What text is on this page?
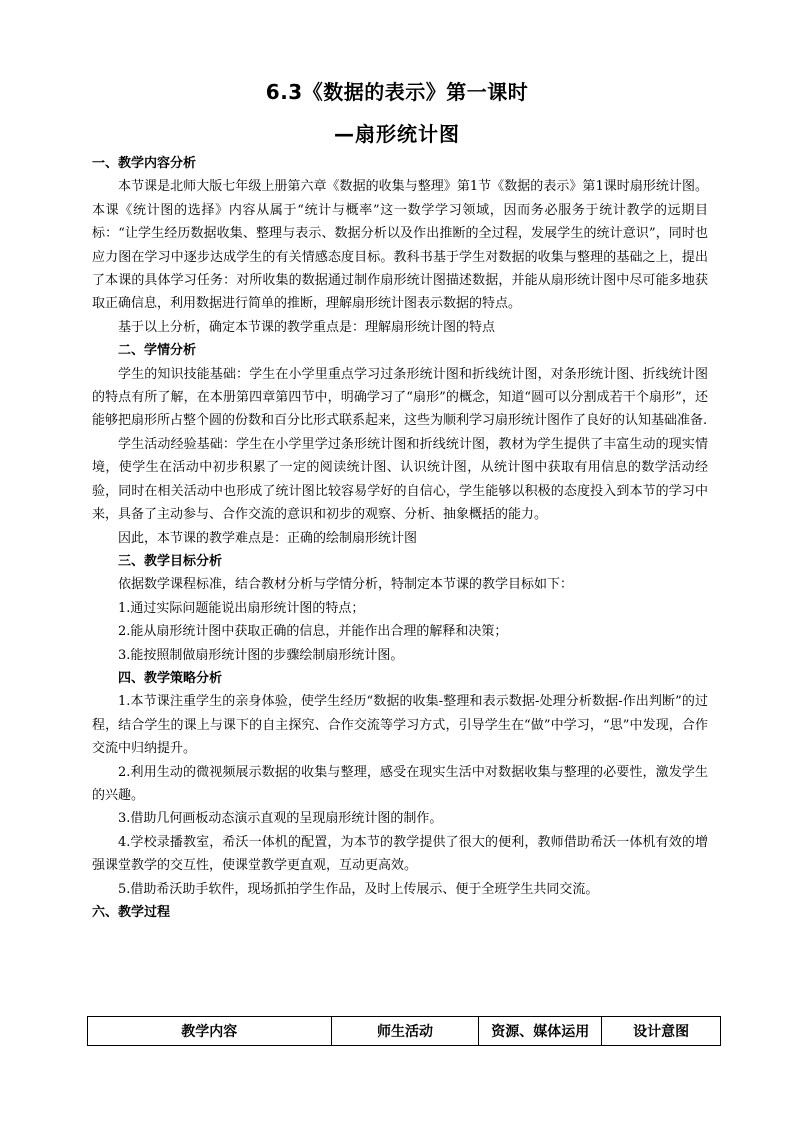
6.3《数据的表示》第一课时
—扇形统计图

一、教学内容分析

本节课是北师大版七年级上册第六章《数据的收集与整理》第1节《数据的表示》第1课时扇形统计图。本课《统计图的选择》内容从属于“统计与概率”这一数学学习领域，因而务必服务于统计教学的远期目标：“让学生经历数据收集、整理与表示、数据分析以及作出推断的全过程，发展学生的统计意识”，同时也应力图在学习中逐步达成学生的有关情感态度目标。教科书基于学生对数据的收集与整理的基础之上，提出了本课的具体学习任务：对所收集的数据通过制作扇形统计图描述数据，并能从扇形统计图中尽可能多地获取正确信息，利用数据进行简单的推断，理解扇形统计图表示数据的特点。

基于以上分析，确定本节课的教学重点是：理解扇形统计图的特点

二、学情分析

学生的知识技能基础：学生在小学里重点学习过条形统计图和折线统计图，对条形统计图、折线统计图的特点有所了解，在本册第四章第四节中，明确学习了“扇形”的概念，知道“圆可以分割成若干个扇形”，还能够把扇形所占整个圆的份数和百分比形式联系起来，这些为顺利学习扇形统计图作了良好的认知基础准备.

学生活动经验基础：学生在小学里学过条形统计图和折线统计图，教材为学生提供了丰富生动的现实情境，使学生在活动中初步积累了一定的阅读统计图、认识统计图，从统计图中获取有用信息的数学活动经验，同时在相关活动中也形成了统计图比较容易学好的自信心，学生能够以积极的态度投入到本节的学习中来，具备了主动参与、合作交流的意识和初步的观察、分析、抽象概括的能力。

因此，本节课的教学难点是：正确的绘制扇形统计图

三、教学目标分析

依据数学课程标准，结合教材分析与学情分析，特制定本节课的教学目标如下：

1.通过实际问题能说出扇形统计图的特点；

2.能从扇形统计图中获取正确的信息，并能作出合理的解释和决策；

3.能按照制做扇形统计图的步骤绘制扇形统计图。

四、教学策略分析

1.本节课注重学生的亲身体验，使学生经历“数据的收集-整理和表示数据-处理分析数据-作出判断”的过程，结合学生的课上与课下的自主探究、合作交流等学习方式，引导学生在“做”中学习，“思”中发现，合作交流中归纳提升。

2.利用生动的微视频展示数据的收集与整理，感受在现实生活中对数据收集与整理的必要性，激发学生的兴趣。

3.借助几何画板动态演示直观的呈现扇形统计图的制作。

4.学校录播教室，希沃一体机的配置，为本节的教学提供了很大的便利，教师借助希沃一体机有效的增强课堂教学的交互性，使课堂教学更直观，互动更高效。

5.借助希沃助手软件，现场抓拍学生作品，及时上传展示、便于全班学生共同交流。

六、教学过程

教学内容	师生活动	资源、媒体运用	设计意图
